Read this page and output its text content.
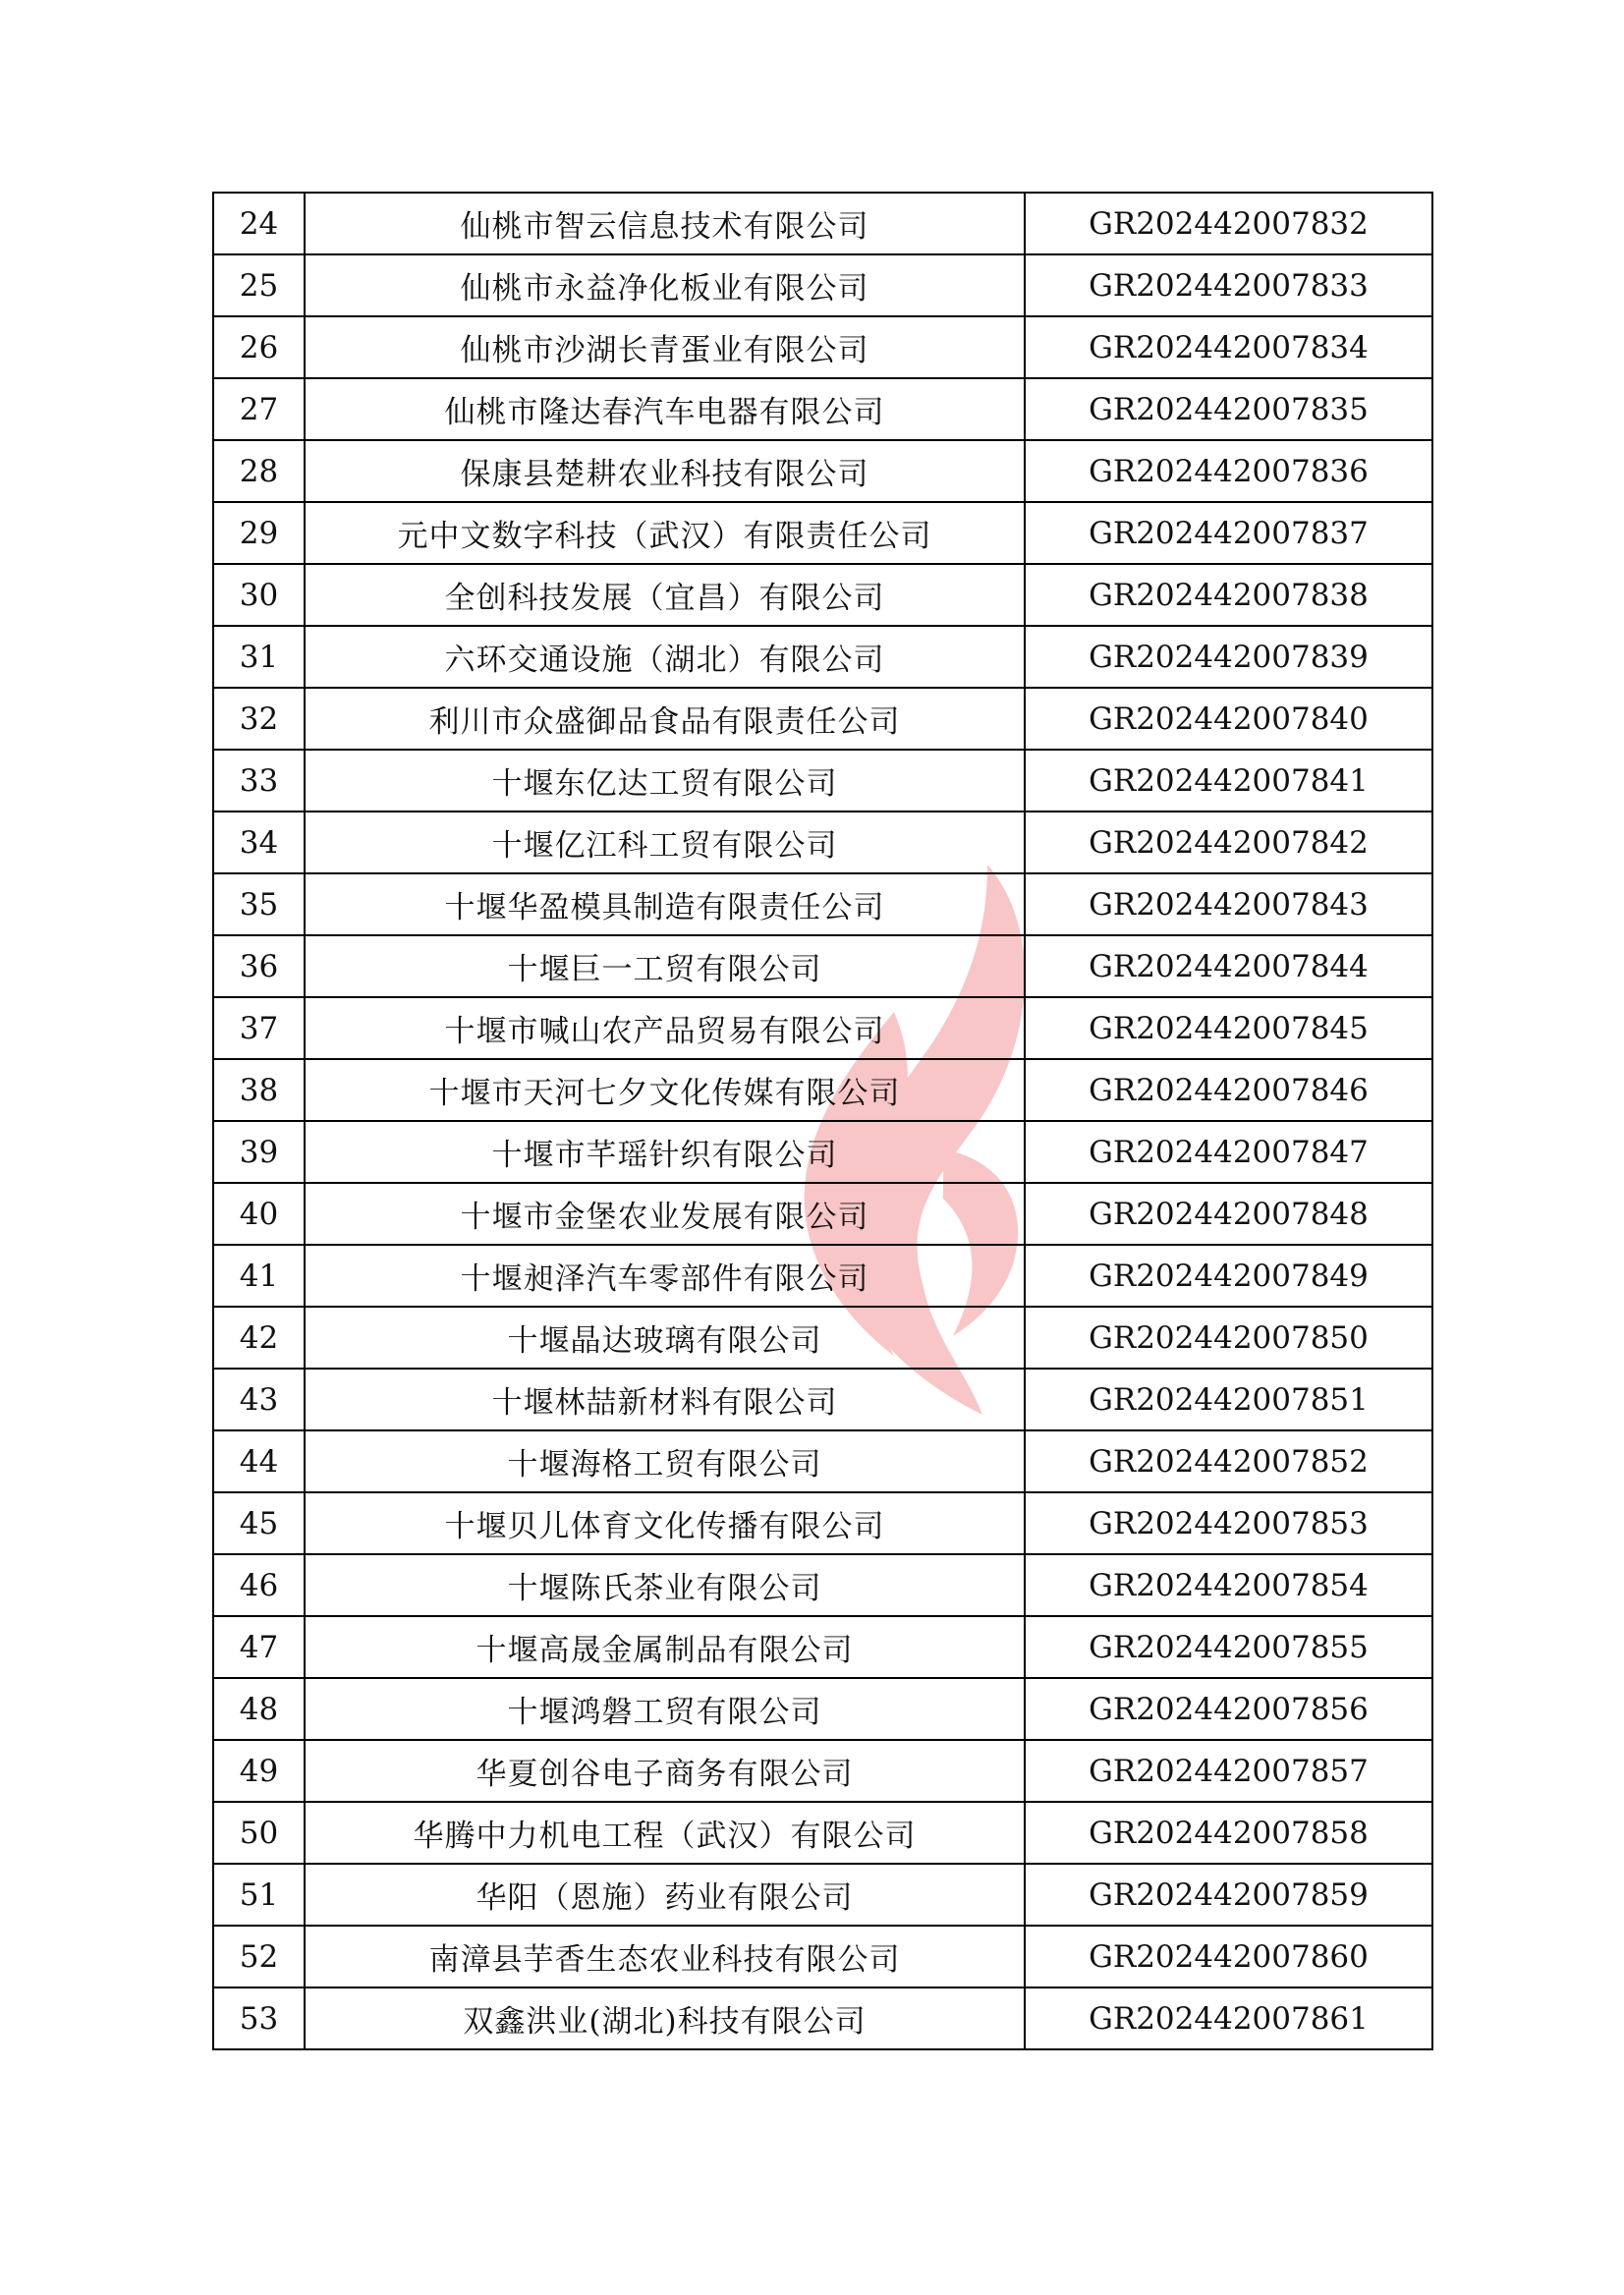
24	仙桃市智云信息技术有限公司	GR202442007832
25	仙桃市永益净化板业有限公司	GR202442007833
26	仙桃市沙湖长青蛋业有限公司	GR202442007834
27	仙桃市隆达春汽车电器有限公司	GR202442007835
28	保康县楚耕农业科技有限公司	GR202442007836
29	元中文数字科技（武汉）有限责任公司	GR202442007837
30	全创科技发展（宜昌）有限公司	GR202442007838
31	六环交通设施（湖北）有限公司	GR202442007839
32	利川市众盛御品食品有限责任公司	GR202442007840
33	十堰东亿达工贸有限公司	GR202442007841
34	十堰亿江科工贸有限公司	GR202442007842
35	十堰华盈模具制造有限责任公司	GR202442007843
36	十堰巨一工贸有限公司	GR202442007844
37	十堰市喊山农产品贸易有限公司	GR202442007845
38	十堰市天河七夕文化传媒有限公司	GR202442007846
39	十堰市芊瑶针织有限公司	GR202442007847
40	十堰市金堡农业发展有限公司	GR202442007848
41	十堰昶泽汽车零部件有限公司	GR202442007849
42	十堰晶达玻璃有限公司	GR202442007850
43	十堰林喆新材料有限公司	GR202442007851
44	十堰海格工贸有限公司	GR202442007852
45	十堰贝儿体育文化传播有限公司	GR202442007853
46	十堰陈氏茶业有限公司	GR202442007854
47	十堰高晟金属制品有限公司	GR202442007855
48	十堰鸿磐工贸有限公司	GR202442007856
49	华夏创谷电子商务有限公司	GR202442007857
50	华腾中力机电工程（武汉）有限公司	GR202442007858
51	华阳（恩施）药业有限公司	GR202442007859
52	南漳县芋香生态农业科技有限公司	GR202442007860
53	双鑫洪业(湖北)科技有限公司	GR202442007861
